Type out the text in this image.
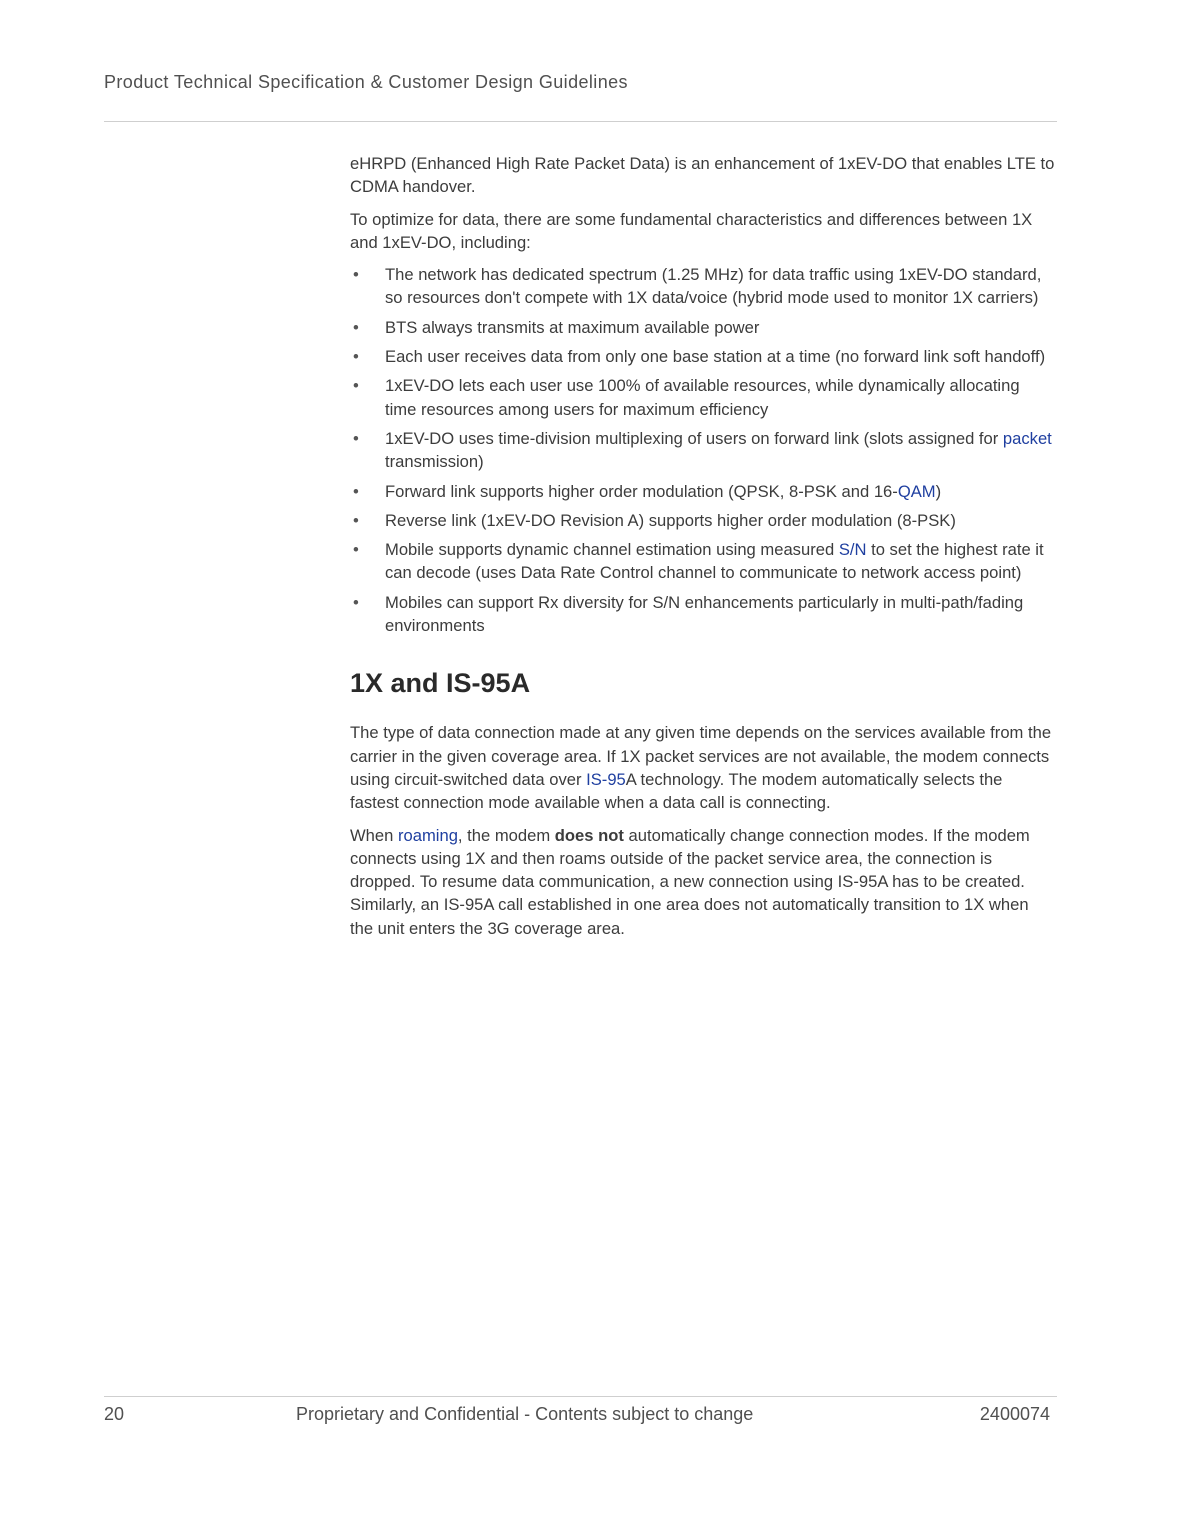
Product Technical Specification & Customer Design Guidelines

eHRPD (Enhanced High Rate Packet Data) is an enhancement of 1xEV-DO that enables LTE to CDMA handover.

To optimize for data, there are some fundamental characteristics and differences between 1X and 1xEV-DO, including:

• The network has dedicated spectrum (1.25 MHz) for data traffic using 1xEV-DO standard, so resources don't compete with 1X data/voice (hybrid mode used to monitor 1X carriers)
• BTS always transmits at maximum available power
• Each user receives data from only one base station at a time (no forward link soft handoff)
• 1xEV-DO lets each user use 100% of available resources, while dynamically allocating time resources among users for maximum efficiency
• 1xEV-DO uses time-division multiplexing of users on forward link (slots assigned for packet transmission)
• Forward link supports higher order modulation (QPSK, 8-PSK and 16-QAM)
• Reverse link (1xEV-DO Revision A) supports higher order modulation (8-PSK)
• Mobile supports dynamic channel estimation using measured S/N to set the highest rate it can decode (uses Data Rate Control channel to communicate to network access point)
• Mobiles can support Rx diversity for S/N enhancements particularly in multi-path/fading environments
1X and IS-95A

The type of data connection made at any given time depends on the services available from the carrier in the given coverage area. If 1X packet services are not available, the modem connects using circuit-switched data over IS-95A technology. The modem automatically selects the fastest connection mode available when a data call is connecting.

When roaming, the modem does not automatically change connection modes. If the modem connects using 1X and then roams outside of the packet service area, the connection is dropped. To resume data communication, a new connection using IS-95A has to be created. Similarly, an IS-95A call established in one area does not automatically transition to 1X when the unit enters the 3G coverage area.

20	Proprietary and Confidential - Contents subject to change	2400074
